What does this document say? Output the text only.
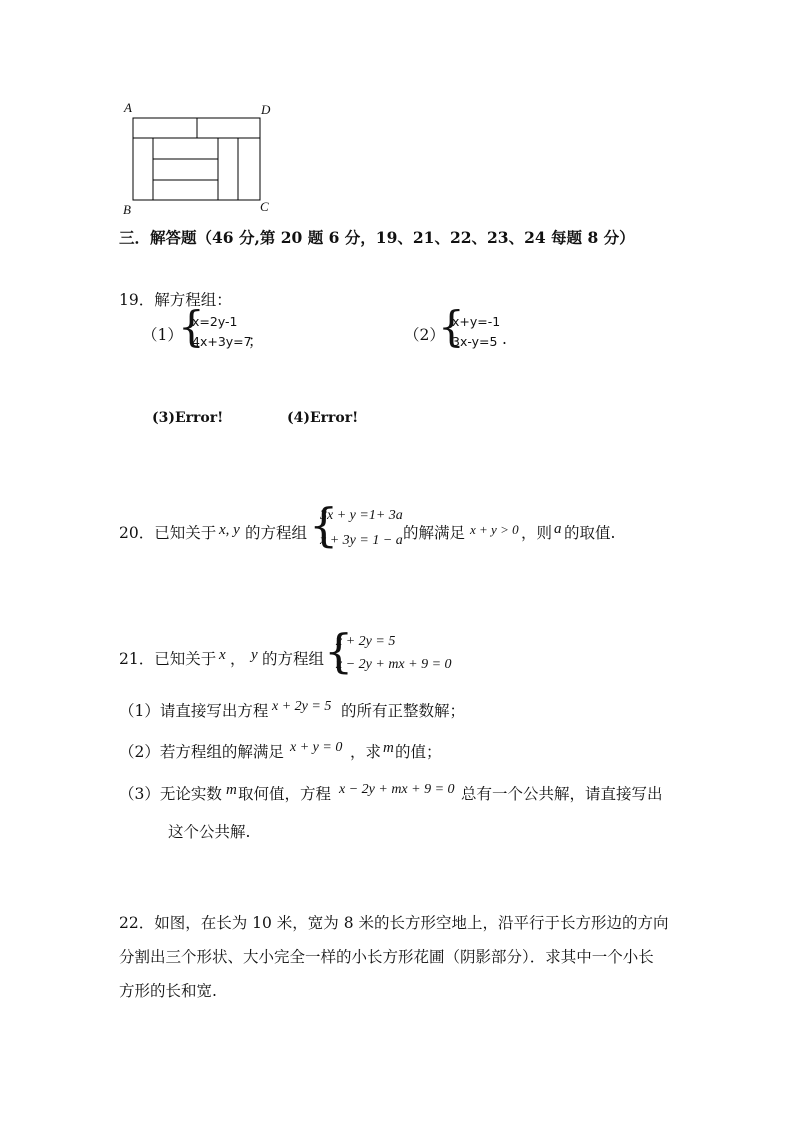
A	D
B	C
三．解答题（46 分,第 20 题 6 分，19、21、22、23、24 每题 8 分）
19．解方程组：
（1）
{
x=2y-1
4x+3y=7
；	（2）
{
x+y=-1
3x-y=5 .
(3)Error!	(4)Error!
20．已知关于 x, y 的方程组 {
3x + y =1+ 3a
x + 3y = 1 − a 的解满足 x + y > 0 ，则 a 的取值.
21．已知关于 x ， y 的方程组 {
x + 2y = 5
x − 2y + mx + 9 = 0
（1）请直接写出方程 x + 2y = 5 的所有正整数解；
（2）若方程组的解满足 x + y = 0 ，求 m 的值；
（3）无论实数 m 取何值，方程 x − 2y + mx + 9 = 0 总有一个公共解，请直接写出
这个公共解.
22．如图，在长为 10 米，宽为 8 米的长方形空地上，沿平行于长方形边的方向
分割出三个形状、大小完全一样的小长方形花圃（阴影部分）．求其中一个小长
方形的长和宽.
